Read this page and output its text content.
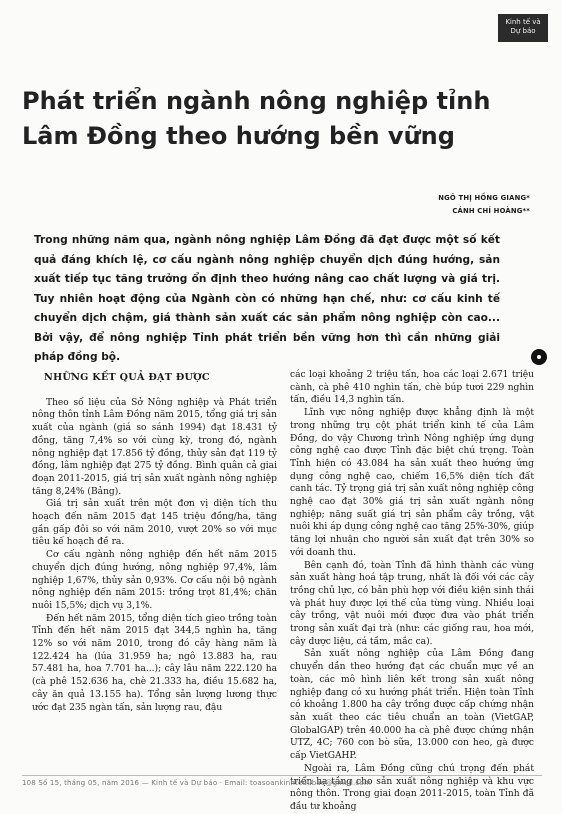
Kinh tế và Dự báo
Phát triển ngành nông nghiệp tỉnh Lâm Đồng theo hướng bền vững
NGÔ THỊ HỒNG GIANG*
CÁNH CHÍ HOÀNG**
Trong những năm qua, ngành nông nghiệp Lâm Đồng đã đạt được một số kết quả đáng khích lệ, cơ cấu ngành nông nghiệp chuyển dịch đúng hướng, sản xuất tiếp tục tăng trưởng ổn định theo hướng nâng cao chất lượng và giá trị. Tuy nhiên hoạt động của Ngành còn có những hạn chế, như: cơ cấu kinh tế chuyển dịch chậm, giá thành sản xuất các sản phẩm nông nghiệp còn cao... Bởi vậy, để nông nghiệp Tỉnh phát triển bền vững hơn thì cần những giải pháp đồng bộ.
NHỮNG KẾT QUẢ ĐẠT ĐƯỢC

Theo số liệu của Sở Nông nghiệp và Phát triển nông thôn tỉnh Lâm Đồng năm 2015, tổng giá trị sản xuất của ngành (giá so sánh 1994) đạt 18.431 tỷ đồng, tăng 7,4% so với cùng kỳ, trong đó, ngành nông nghiệp đạt 17.856 tỷ đồng, thủy sản đạt 119 tỷ đồng, lâm nghiệp đạt 275 tỷ đồng. Bình quân cả giai đoạn 2011-2015, giá trị sản xuất ngành nông nghiệp tăng 8,24% (Bảng).

Giá trị sản xuất trên một đơn vị diện tích thu hoạch đến năm 2015 đạt 145 triệu đồng/ha, tăng gần gấp đôi so với năm 2010, vượt 20% so với mục tiêu kế hoạch đề ra.

Cơ cấu ngành nông nghiệp đến hết năm 2015 chuyển dịch đúng hướng, nông nghiệp 97,4%, lâm nghiệp 1,67%, thủy sản 0,93%. Cơ cấu nội bộ ngành nông nghiệp đến năm 2015: trồng trọt 81,4%; chăn nuôi 15,5%; dịch vụ 3,1%.

Đến hết năm 2015, tổng diện tích gieo trồng toàn Tỉnh đến hết năm 2015 đạt 344,5 nghìn ha, tăng 12% so với năm 2010, trong đó cây hàng năm là 122.424 ha (lúa 31.959 ha; ngô 13.883 ha, rau 57.481 ha, hoa 7.701 ha...); cây lâu năm 222.120 ha (cà phê 152.636 ha, chè 21.333 ha, điều 15.682 ha, cây ăn quả 13.155 ha). Tổng sản lượng lương thực ước đạt 235 ngàn tấn, sản lượng rau, đậu

các loại khoảng 2 triệu tấn, hoa các loại 2.671 triệu cành, cà phê 410 nghìn tấn, chè búp tươi 229 nghìn tấn, điều 14,3 nghìn tấn.

Lĩnh vực nông nghiệp được khẳng định là một trong những trụ cột phát triển kinh tế của Lâm Đồng, do vậy Chương trình Nông nghiệp ứng dụng công nghệ cao được Tỉnh đặc biệt chú trọng. Toàn Tỉnh hiện có 43.084 ha sản xuất theo hướng ứng dụng công nghệ cao, chiếm 16,5% diện tích đất canh tác. Tỷ trọng giá trị sản xuất nông nghiệp công nghệ cao đạt 30% giá trị sản xuất ngành nông nghiệp; năng suất giá trị sản phẩm cây trồng, vật nuôi khi áp dụng công nghệ cao tăng 25%-30%, giúp tăng lợi nhuận cho người sản xuất đạt trên 30% so với doanh thu.

Bên cạnh đó, toàn Tỉnh đã hình thành các vùng sản xuất hàng hoá tập trung, nhất là đối với các cây trồng chủ lực, có bản phù hợp với điều kiện sinh thái và phát huy được lợi thế của từng vùng. Nhiều loại cây trồng, vật nuôi mới được đưa vào phát triển trong sản xuất đại trà (như: các giống rau, hoa mới, cây dược liệu, cá tầm, mắc ca).

Sản xuất nông nghiệp của Lâm Đồng đang chuyển dần theo hướng đạt các chuẩn mực về an toàn, các mô hình liên kết trong sản xuất nông nghiệp đang có xu hướng phát triển. Hiện toàn Tỉnh có khoảng 1.800 ha cây trồng được cấp chứng nhận sản xuất theo các tiêu chuẩn an toàn (VietGAP, GlobalGAP) trên 40.000 ha cà phê được chứng nhận UTZ, 4C; 760 con bò sữa, 13.000 con heo, gà được cấp VietGAHP.

Ngoài ra, Lâm Đồng cũng chú trọng đến phát triển hạ tầng cho sản xuất nông nghiệp và khu vực nông thôn. Trong giai đoạn 2011-2015, toàn Tỉnh đã đầu tư khoảng

108 Số 15, tháng 05, năm 2016 — Kinh tế và Dự báo · Email: toasoankinhtedubao@gmail.com
